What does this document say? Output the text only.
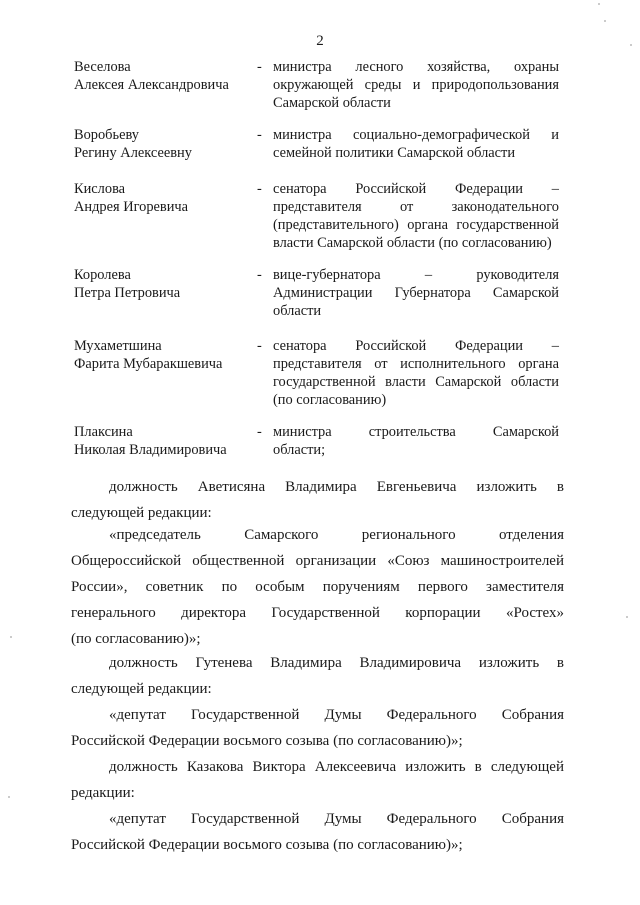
2
Веселова
Алексея Александровича
- министра лесного хозяйства, охраны
окружающей среды и природопользования
Самарской области
Воробьеву
Регину Алексеевну
- министра социально-демографической и
семейной политики Самарской области
Кислова
Андрея Игоревича
- сенатора Российской Федерации –
представителя от законодательного
(представительного) органа государственной
власти Самарской области (по согласованию)
Королева
Петра Петровича
- вице-губернатора – руководителя
Администрации Губернатора Самарской
области
Мухаметшина
Фарита Мубаракшевича
- сенатора Российской Федерации –
представителя от исполнительного органа
государственной власти Самарской области
(по согласованию)
Плаксина
Николая Владимировича
- министра строительства Самарской
области;
должность Аветисяна Владимира Евгеньевича изложить в
следующей редакции:
«председатель Самарского регионального отделения
Общероссийской общественной организации «Союз машиностроителей
России», советник по особым поручениям первого заместителя
генерального директора Государственной корпорации «Ростех»
(по согласованию)»;
должность Гутенева Владимира Владимировича изложить в
следующей редакции:
«депутат Государственной Думы Федерального Собрания
Российской Федерации восьмого созыва (по согласованию)»;
должность Казакова Виктора Алексеевича изложить в следующей
редакции:
«депутат Государственной Думы Федерального Собрания
Российской Федерации восьмого созыва (по согласованию)»;
